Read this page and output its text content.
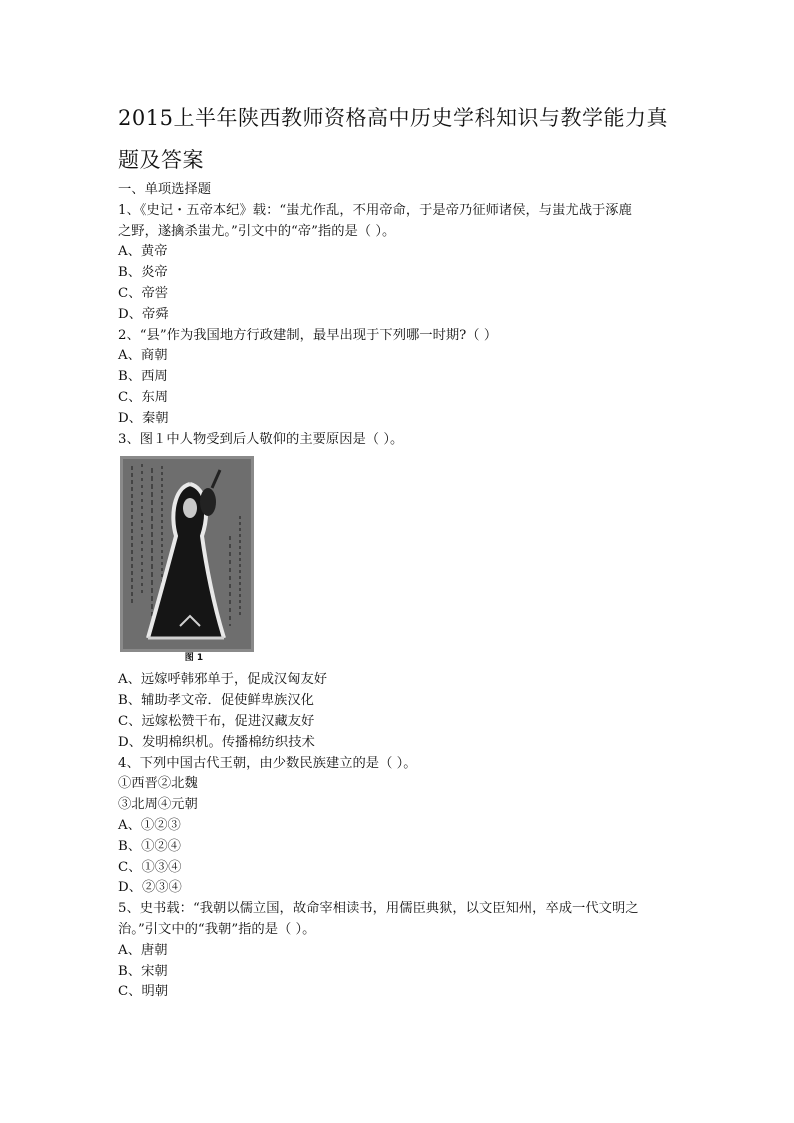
2015上半年陕西教师资格高中历史学科知识与教学能力真
题及答案
一、单项选择题
1、《史记・五帝本纪》载：“蚩尤作乱，不用帝命，于是帝乃征师诸侯，与蚩尤战于涿鹿
之野，遂擒杀蚩尤。”引文中的“帝”指的是（ ）。
A、黄帝
B、炎帝
C、帝喾
D、帝舜
2、“县”作为我国地方行政建制，最早出现于下列哪一时期?（ ）
A、商朝
B、西周
C、东周
D、秦朝
3、图１中人物受到后人敬仰的主要原因是（ ）。
图 1
A、远嫁呼韩邪单于，促成汉匈友好
B、辅助孝文帝．促使鲜卑族汉化
C、远嫁松赞干布，促进汉藏友好
D、发明棉织机。传播棉纺织技术
4、下列中国古代王朝，由少数民族建立的是（ ）。
①西晋②北魏
③北周④元朝
A、①②③
B、①②④
C、①③④
D、②③④
5、史书载：“我朝以儒立国，故命宰相读书，用儒臣典狱，以文臣知州，卒成一代文明之
治。”引文中的“我朝”指的是（ ）。
A、唐朝
B、宋朝
C、明朝
